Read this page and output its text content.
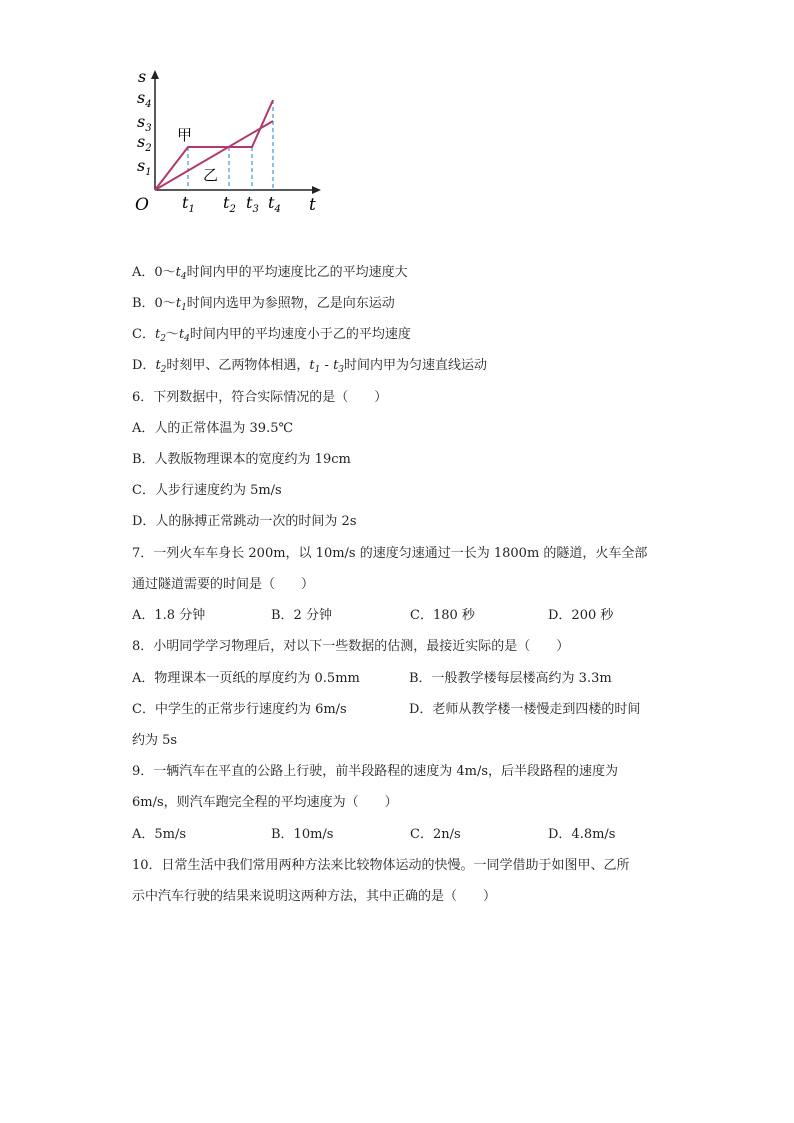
s
$s_4$
$s_3$
$s_2$
$s_1$
O $t_1$ $t_2$ $t_3$ $t_4$ t
甲
乙
A．$0\sim t_4$时间内甲的平均速度比乙的平均速度大
B．$0\sim t_1$时间内选甲为参照物，乙是向东运动
C．$t_2\sim t_4$时间内甲的平均速度小于乙的平均速度
D．$t_2$时刻甲、乙两物体相遇，$t_1 - t_3$时间内甲为匀速直线运动
6．下列数据中，符合实际情况的是（　　）
A．人的正常体温为 39.5℃
B．人教版物理课本的宽度约为 19cm
C．人步行速度约为 5m/s
D．人的脉搏正常跳动一次的时间为 2s
7．一列火车车身长 200m，以 10m/s 的速度匀速通过一长为 1800m 的隧道，火车全部
通过隧道需要的时间是（　　）
A．1.8 分钟	B．2 分钟	C．180 秒	D．200 秒
8．小明同学学习物理后，对以下一些数据的估测，最接近实际的是（　　）
A．物理课本一页纸的厚度约为 0.5mm	B．一般教学楼每层楼高约为 3.3m
C．中学生的正常步行速度约为 6m/s	D．老师从教学楼一楼慢走到四楼的时间
约为 5s
9．一辆汽车在平直的公路上行驶，前半段路程的速度为 4m/s，后半段路程的速度为
6m/s，则汽车跑完全程的平均速度为（　　）
A．5m/s	B．10m/s	C．2n/s	D．4.8m/s
10．日常生活中我们常用两种方法来比较物体运动的快慢。一同学借助于如图甲、乙所
示中汽车行驶的结果来说明这两种方法，其中正确的是（　　）
